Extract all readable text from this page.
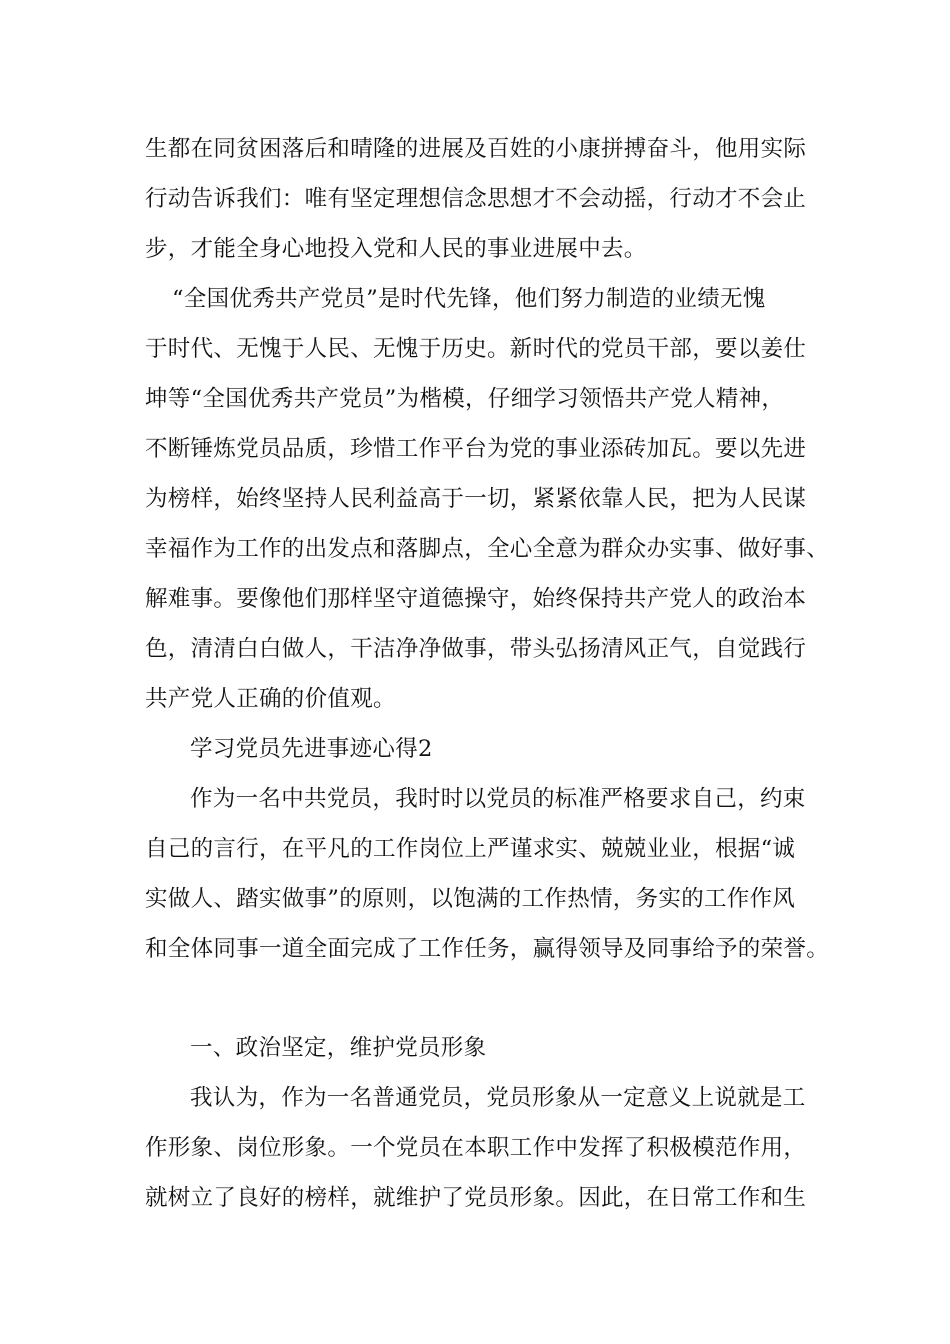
生都在同贫困落后和晴隆的进展及百姓的小康拼搏奋斗，他用实际
行动告诉我们：唯有坚定理想信念思想才不会动摇，行动才不会止
步，才能全身心地投入党和人民的事业进展中去。
“全国优秀共产党员”是时代先锋，他们努力制造的业绩无愧
于时代、无愧于人民、无愧于历史。新时代的党员干部，要以姜仕
坤等“全国优秀共产党员”为楷模，仔细学习领悟共产党人精神，
不断锤炼党员品质，珍惜工作平台为党的事业添砖加瓦。要以先进
为榜样，始终坚持人民利益高于一切，紧紧依靠人民，把为人民谋
幸福作为工作的出发点和落脚点，全心全意为群众办实事、做好事、
解难事。要像他们那样坚守道德操守，始终保持共产党人的政治本
色，清清白白做人，干洁净净做事，带头弘扬清风正气，自觉践行
共产党人正确的价值观。
学习党员先进事迹心得2
作为一名中共党员，我时时以党员的标准严格要求自己，约束
自己的言行，在平凡的工作岗位上严谨求实、兢兢业业，根据“诚
实做人、踏实做事”的原则，以饱满的工作热情，务实的工作作风
和全体同事一道全面完成了工作任务，赢得领导及同事给予的荣誉。
一、政治坚定，维护党员形象
我认为，作为一名普通党员，党员形象从一定意义上说就是工
作形象、岗位形象。一个党员在本职工作中发挥了积极模范作用，
就树立了良好的榜样，就维护了党员形象。因此，在日常工作和生
